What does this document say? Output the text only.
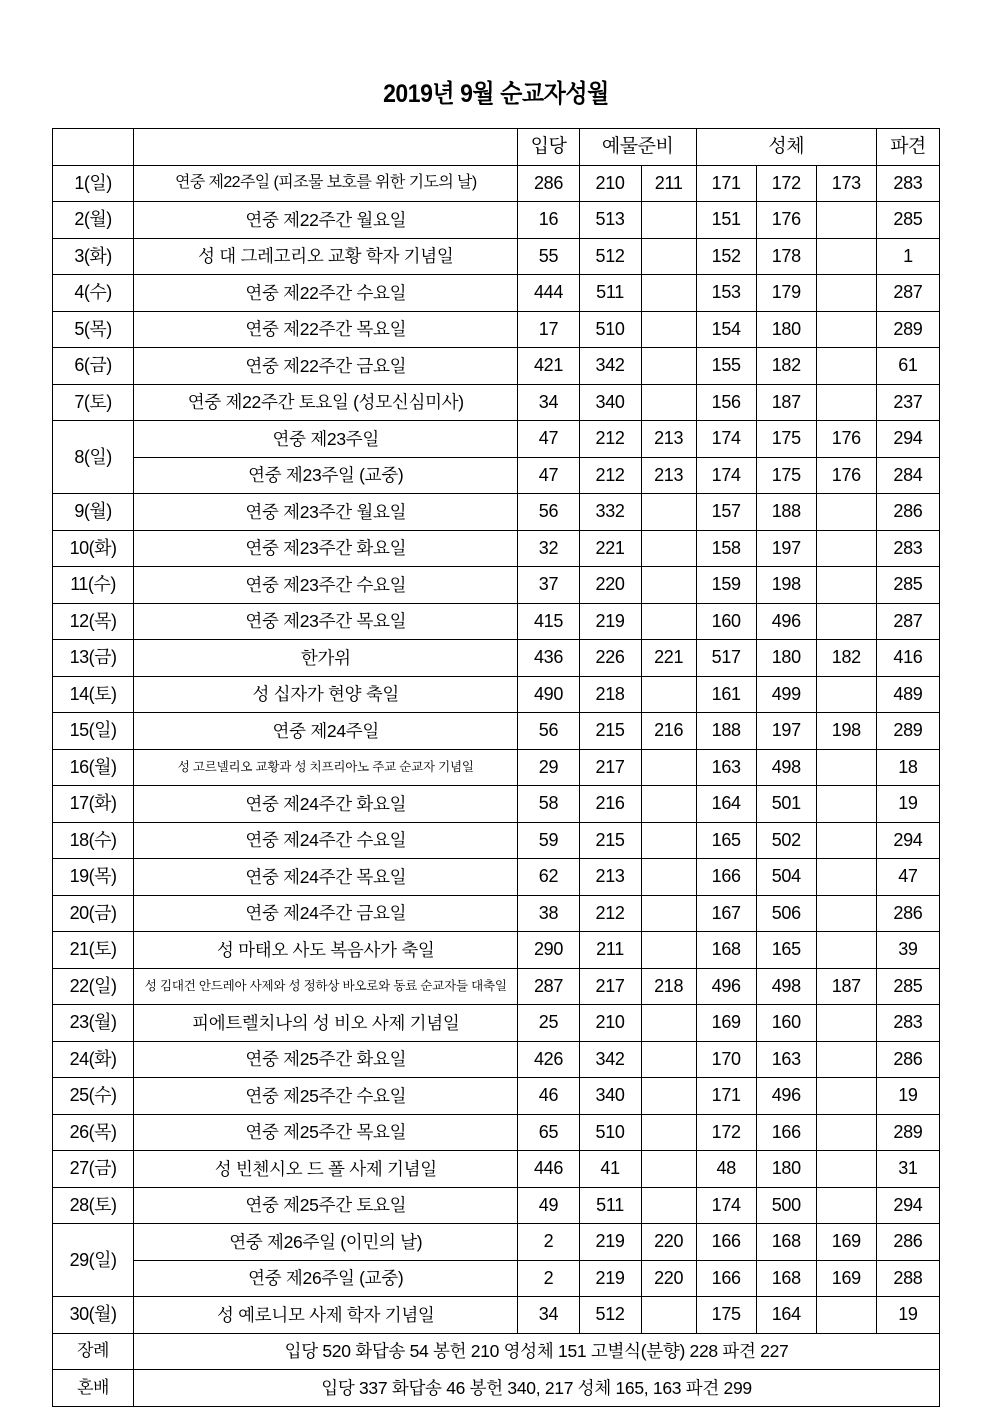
2019년 9월 순교자성월
		입당	예물준비		성체			파견
1(일)	연중 제22주일 (피조물 보호를 위한 기도의 날)	286	210	211	171	172	173	283
2(월)	연중 제22주간 월요일	16	513		151	176		285
3(화)	성 대 그레고리오 교황 학자 기념일	55	512		152	178		1
4(수)	연중 제22주간 수요일	444	511		153	179		287
5(목)	연중 제22주간 목요일	17	510		154	180		289
6(금)	연중 제22주간 금요일	421	342		155	182		61
7(토)	연중 제22주간 토요일 (성모신심미사)	34	340		156	187		237
8(일)	연중 제23주일	47	212	213	174	175	176	294
	연중 제23주일 (교중)	47	212	213	174	175	176	284
9(월)	연중 제23주간 월요일	56	332		157	188		286
10(화)	연중 제23주간 화요일	32	221		158	197		283
11(수)	연중 제23주간 수요일	37	220		159	198		285
12(목)	연중 제23주간 목요일	415	219		160	496		287
13(금)	한가위	436	226	221	517	180	182	416
14(토)	성 십자가 현양 축일	490	218		161	499		489
15(일)	연중 제24주일	56	215	216	188	197	198	289
16(월)	성 고르넬리오 교황과 성 치프리아노 주교 순교자 기념일	29	217		163	498		18
17(화)	연중 제24주간 화요일	58	216		164	501		19
18(수)	연중 제24주간 수요일	59	215		165	502		294
19(목)	연중 제24주간 목요일	62	213		166	504		47
20(금)	연중 제24주간 금요일	38	212		167	506		286
21(토)	성 마태오 사도 복음사가 축일	290	211		168	165		39
22(일)	성 김대건 안드레아 사제와 성 정하상 바오로와 동료 순교자들 대축일	287	217	218	496	498	187	285
23(월)	피에트렐치나의 성 비오 사제 기념일	25	210		169	160		283
24(화)	연중 제25주간 화요일	426	342		170	163		286
25(수)	연중 제25주간 수요일	46	340		171	496		19
26(목)	연중 제25주간 목요일	65	510		172	166		289
27(금)	성 빈첸시오 드 폴 사제 기념일	446	41		48	180		31
28(토)	연중 제25주간 토요일	49	511		174	500		294
29(일)	연중 제26주일 (이민의 날)	2	219	220	166	168	169	286
	연중 제26주일 (교중)	2	219	220	166	168	169	288
30(월)	성 예로니모 사제 학자 기념일	34	512		175	164		19
장례	입당 520 화답송 54 봉헌 210 영성체 151 고별식(분향) 228 파견 227							
혼배	입당 337 화답송 46 봉헌 340, 217 성체 165, 163 파견 299							
